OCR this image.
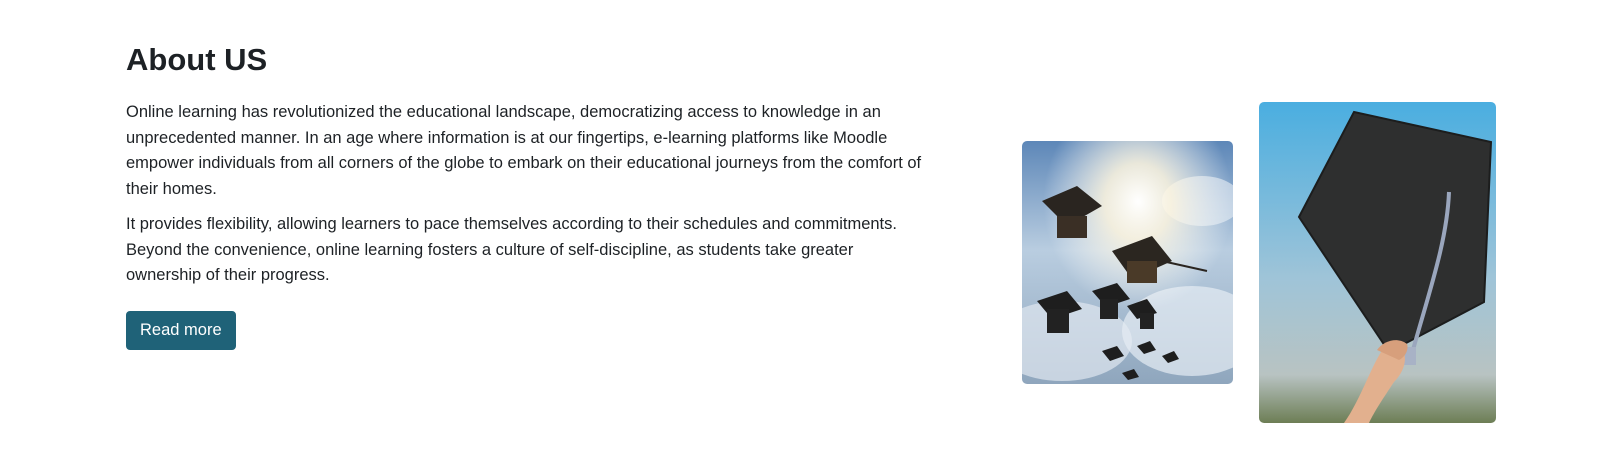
About US

Online learning has revolutionized the educational landscape, democratizing access to knowledge in an unprecedented manner. In an age where information is at our fingertips, e-learning platforms like Moodle empower individuals from all corners of the globe to embark on their educational journeys from the comfort of their homes.

It provides flexibility, allowing learners to pace themselves according to their schedules and commitments. Beyond the convenience, online learning fosters a culture of self-discipline, as students take greater ownership of their progress.

Read more
